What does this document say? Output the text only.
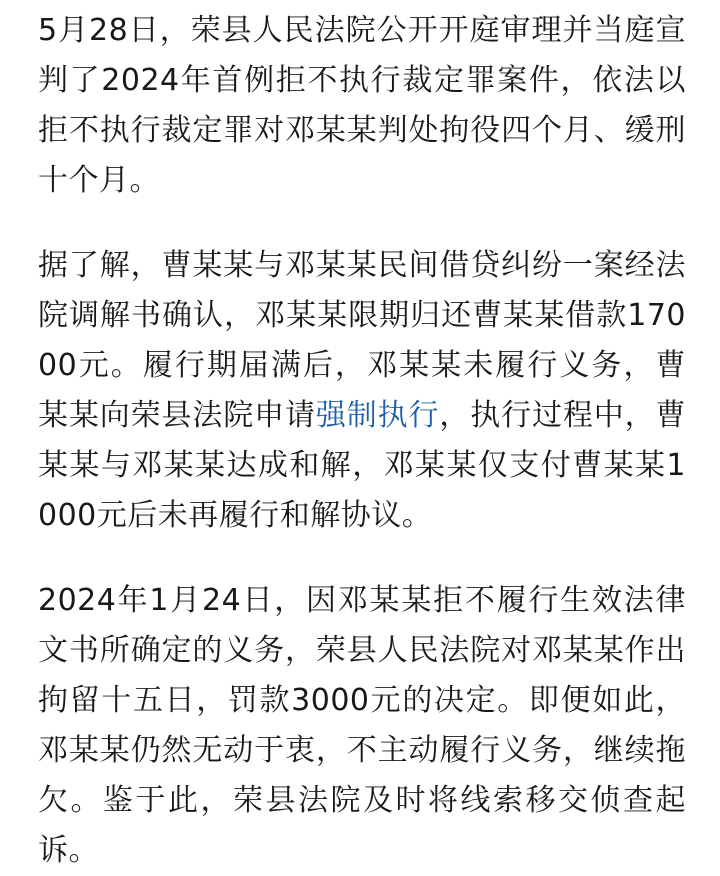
5月28日，荣县人民法院公开开庭审理并当庭宣判了2024年首例拒不执行裁定罪案件，依法以拒不执行裁定罪对邓某某判处拘役四个月、缓刑十个月。

据了解，曹某某与邓某某民间借贷纠纷一案经法院调解书确认，邓某某限期归还曹某某借款17000元。履行期届满后，邓某某未履行义务，曹某某向荣县法院申请强制执行，执行过程中，曹某某与邓某某达成和解，邓某某仅支付曹某某1000元后未再履行和解协议。

2024年1月24日，因邓某某拒不履行生效法律文书所确定的义务，荣县人民法院对邓某某作出拘留十五日，罚款3000元的决定。即便如此，邓某某仍然无动于衷，不主动履行义务，继续拖欠。鉴于此，荣县法院及时将线索移交侦查起诉。
